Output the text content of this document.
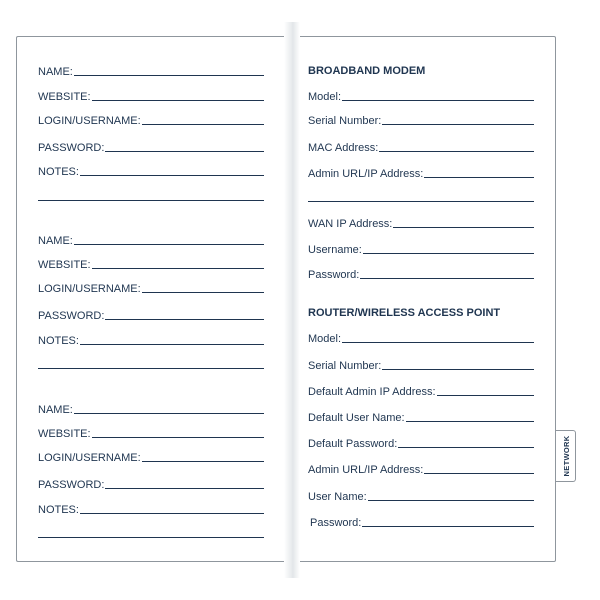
NETWORK
NAME:
WEBSITE:
LOGIN/USERNAME:
PASSWORD:
NOTES:
NAME:
WEBSITE:
LOGIN/USERNAME:
PASSWORD:
NOTES:
NAME:
WEBSITE:
LOGIN/USERNAME:
PASSWORD:
NOTES:
BROADBAND MODEM
Model:
Serial Number:
MAC Address:
Admin URL/IP Address:
WAN IP Address:
Username:
Password:
ROUTER/WIRELESS ACCESS POINT
Model:
Serial Number:
Default Admin IP Address:
Default User Name:
Default Password:
Admin URL/IP Address:
User Name:
Password:
